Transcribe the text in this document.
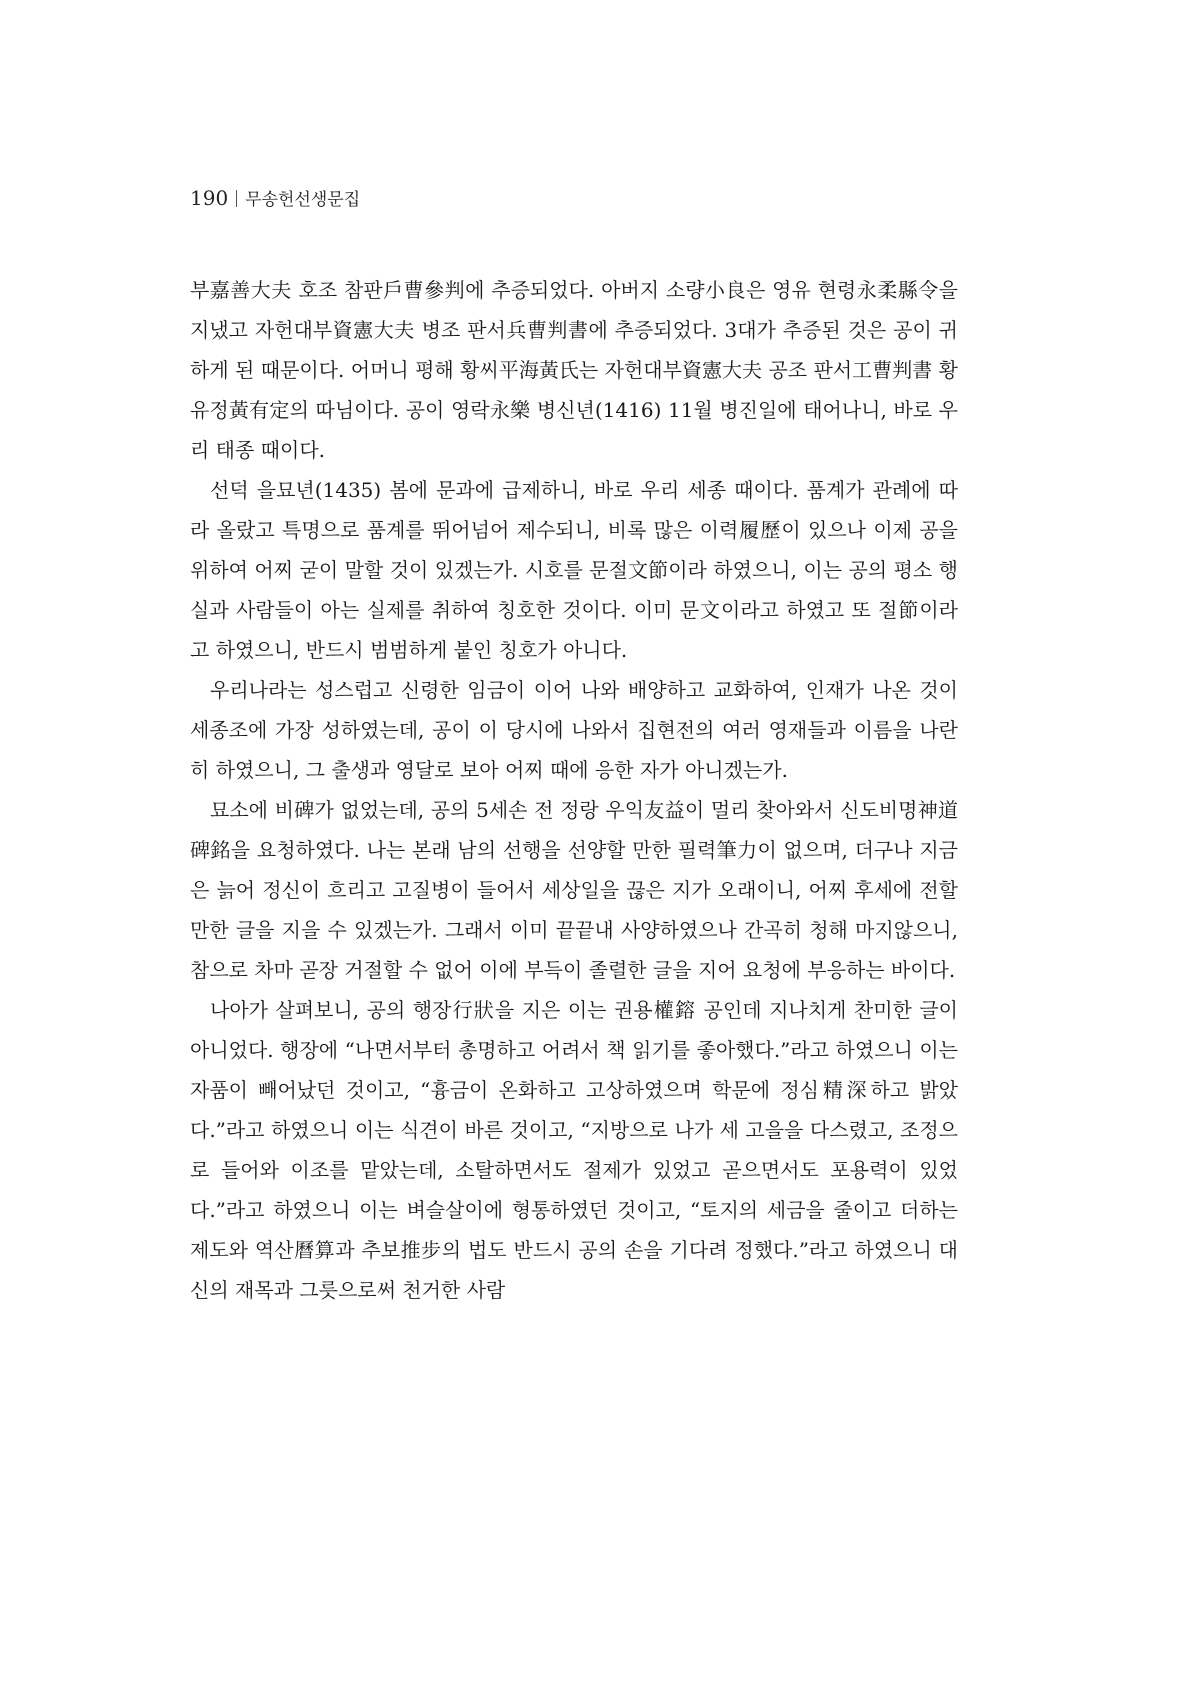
190 무송헌선생문집

부嘉善大夫 호조 참판戶曹參判에 추증되었다. 아버지 소량小良은 영유 현령永柔縣令을 지냈고 자헌대부資憲大夫 병조 판서兵曹判書에 추증되었다. 3대가 추증된 것은 공이 귀하게 된 때문이다. 어머니 평해 황씨平海黃氏는 자헌대부資憲大夫 공조 판서工曹判書 황유정黃有定의 따님이다. 공이 영락永樂 병신년(1416) 11월 병진일에 태어나니, 바로 우리 태종 때이다.

선덕 을묘년(1435) 봄에 문과에 급제하니, 바로 우리 세종 때이다. 품계가 관례에 따라 올랐고 특명으로 품계를 뛰어넘어 제수되니, 비록 많은 이력履歷이 있으나 이제 공을 위하여 어찌 굳이 말할 것이 있겠는가. 시호를 문절文節이라 하였으니, 이는 공의 평소 행실과 사람들이 아는 실제를 취하여 칭호한 것이다. 이미 문文이라고 하였고 또 절節이라고 하였으니, 반드시 범범하게 붙인 칭호가 아니다.

우리나라는 성스럽고 신령한 임금이 이어 나와 배양하고 교화하여, 인재가 나온 것이 세종조에 가장 성하였는데, 공이 이 당시에 나와서 집현전의 여러 영재들과 이름을 나란히 하였으니, 그 출생과 영달로 보아 어찌 때에 응한 자가 아니겠는가.

묘소에 비碑가 없었는데, 공의 5세손 전 정랑 우익友益이 멀리 찾아와서 신도비명神道碑銘을 요청하였다. 나는 본래 남의 선행을 선양할 만한 필력筆力이 없으며, 더구나 지금은 늙어 정신이 흐리고 고질병이 들어서 세상일을 끊은 지가 오래이니, 어찌 후세에 전할 만한 글을 지을 수 있겠는가. 그래서 이미 끝끝내 사양하였으나 간곡히 청해 마지않으니, 참으로 차마 곧장 거절할 수 없어 이에 부득이 졸렬한 글을 지어 요청에 부응하는 바이다.

나아가 살펴보니, 공의 행장行狀을 지은 이는 권용權鎔 공인데 지나치게 찬미한 글이 아니었다. 행장에 “나면서부터 총명하고 어려서 책 읽기를 좋아했다.”라고 하였으니 이는 자품이 빼어났던 것이고, “흉금이 온화하고 고상하였으며 학문에 정심精深하고 밝았다.”라고 하였으니 이는 식견이 바른 것이고, “지방으로 나가 세 고을을 다스렸고, 조정으로 들어와 이조를 맡았는데, 소탈하면서도 절제가 있었고 곧으면서도 포용력이 있었다.”라고 하였으니 이는 벼슬살이에 형통하였던 것이고, “토지의 세금을 줄이고 더하는 제도와 역산曆算과 추보推步의 법도 반드시 공의 손을 기다려 정했다.”라고 하였으니 대신의 재목과 그릇으로써 천거한 사람
